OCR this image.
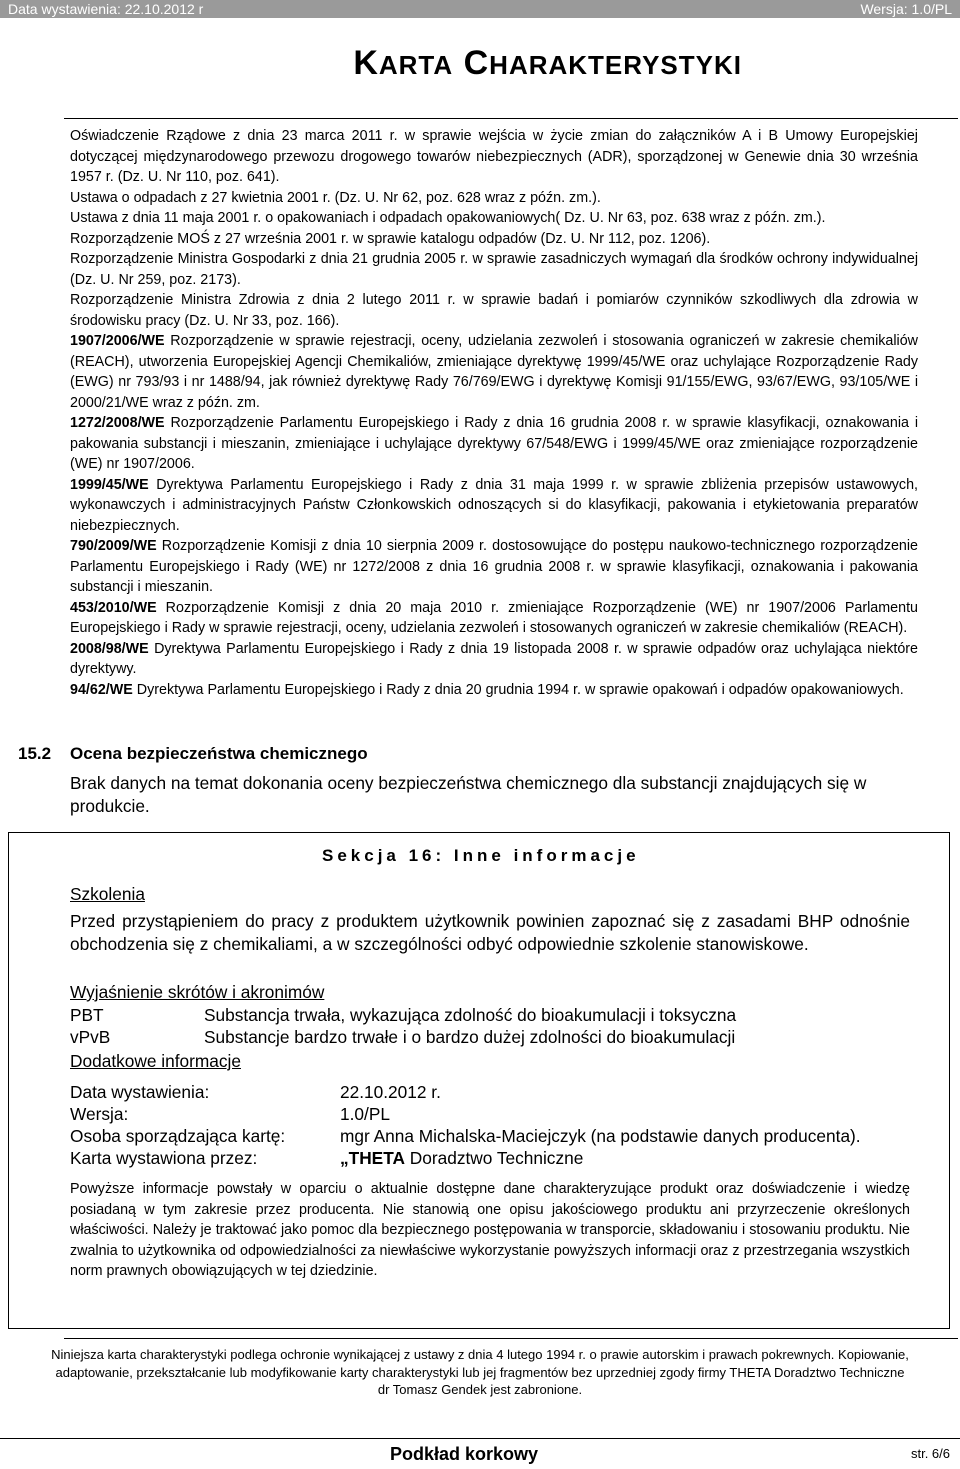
Data wystawienia: 22.10.2012 r	Wersja: 1.0/PL
KARTA CHARAKTERYSTYKI

Oświadczenie Rządowe z dnia 23 marca 2011 r. w sprawie wejścia w życie zmian do załączników A i B Umowy Europejskiej dotyczącej międzynarodowego przewozu drogowego towarów niebezpiecznych (ADR), sporządzonej w Genewie dnia 30 września 1957 r. (Dz. U. Nr 110, poz. 641).

Ustawa o odpadach z 27 kwietnia 2001 r. (Dz. U. Nr 62, poz. 628 wraz z późn. zm.).

Ustawa z dnia 11 maja 2001 r. o opakowaniach i odpadach opakowaniowych( Dz. U. Nr 63, poz. 638 wraz z późn. zm.).

Rozporządzenie MOŚ z 27 września 2001 r. w sprawie katalogu odpadów (Dz. U. Nr 112, poz. 1206).

Rozporządzenie Ministra Gospodarki z dnia 21 grudnia 2005 r. w sprawie zasadniczych wymagań dla środków ochrony indywidualnej (Dz. U. Nr 259, poz. 2173).

Rozporządzenie Ministra Zdrowia z dnia 2 lutego 2011 r. w sprawie badań i pomiarów czynników szkodliwych dla zdrowia w środowisku pracy (Dz. U. Nr 33, poz. 166).

1907/2006/WE Rozporządzenie w sprawie rejestracji, oceny, udzielania zezwoleń i stosowania ograniczeń w zakresie chemikaliów (REACH), utworzenia Europejskiej Agencji Chemikaliów, zmieniające dyrektywę 1999/45/WE oraz uchylające Rozporządzenie Rady (EWG) nr 793/93 i nr 1488/94, jak również dyrektywę Rady 76/769/EWG i dyrektywę Komisji 91/155/EWG, 93/67/EWG, 93/105/WE i 2000/21/WE wraz z późn. zm.

1272/2008/WE Rozporządzenie Parlamentu Europejskiego i Rady z dnia 16 grudnia 2008 r. w sprawie klasyfikacji, oznakowania i pakowania substancji i mieszanin, zmieniające i uchylające dyrektywy 67/548/EWG i 1999/45/WE oraz zmieniające rozporządzenie (WE) nr 1907/2006.

1999/45/WE Dyrektywa Parlamentu Europejskiego i Rady z dnia 31 maja 1999 r. w sprawie zbliżenia przepisów ustawowych, wykonawczych i administracyjnych Państw Członkowskich odnoszących si do klasyfikacji, pakowania i etykietowania preparatów niebezpiecznych.

790/2009/WE Rozporządzenie Komisji z dnia 10 sierpnia 2009 r. dostosowujące do postępu naukowo-technicznego rozporządzenie Parlamentu Europejskiego i Rady (WE) nr 1272/2008 z dnia 16 grudnia 2008 r. w sprawie klasyfikacji, oznakowania i pakowania substancji i mieszanin.

453/2010/WE Rozporządzenie Komisji z dnia 20 maja 2010 r. zmieniające Rozporządzenie (WE) nr 1907/2006 Parlamentu Europejskiego i Rady w sprawie rejestracji, oceny, udzielania zezwoleń i stosowanych ograniczeń w zakresie chemikaliów (REACH).

2008/98/WE Dyrektywa Parlamentu Europejskiego i Rady z dnia 19 listopada 2008 r. w sprawie odpadów oraz uchylająca niektóre dyrektywy.

94/62/WE Dyrektywa Parlamentu Europejskiego i Rady z dnia 20 grudnia 1994 r. w sprawie opakowań i odpadów opakowaniowych.

15.2 Ocena bezpieczeństwa chemicznego
Brak danych na temat dokonania oceny bezpieczeństwa chemicznego dla substancji znajdujących się w produkcie.
Sekcja 16: Inne informacje
Szkolenia
Przed przystąpieniem do pracy z produktem użytkownik powinien zapoznać się z zasadami BHP odnośnie obchodzenia się z chemikaliami, a w szczególności odbyć odpowiednie szkolenie stanowiskowe.
Wyjaśnienie skrótów i akronimów
PBT	Substancja trwała, wykazująca zdolność do bioakumulacji i toksyczna
vPvB	Substancje bardzo trwałe i o bardzo dużej zdolności do bioakumulacji
Dodatkowe informacje
Data wystawienia:	22.10.2012 r.
Wersja:	1.0/PL
Osoba sporządzająca kartę:	mgr Anna Michalska-Maciejczyk (na podstawie danych producenta).
Karta wystawiona przez:	„THETA Doradztwo Techniczne
Powyższe informacje powstały w oparciu o aktualnie dostępne dane charakteryzujące produkt oraz doświadczenie i wiedzę posiadaną w tym zakresie przez producenta. Nie stanowią one opisu jakościowego produktu ani przyrzeczenie określonych właściwości. Należy je traktować jako pomoc dla bezpiecznego postępowania w transporcie, składowaniu i stosowaniu produktu. Nie zwalnia to użytkownika od odpowiedzialności za niewłaściwe wykorzystanie powyższych informacji oraz z przestrzegania wszystkich norm prawnych obowiązujących w tej dziedzinie.
Niniejsza karta charakterystyki podlega ochronie wynikającej z ustawy z dnia 4 lutego 1994 r. o prawie autorskim i prawach pokrewnych. Kopiowanie, adaptowanie, przekształcanie lub modyfikowanie karty charakterystyki lub jej fragmentów bez uprzedniej zgody firmy THETA Doradztwo Techniczne dr Tomasz Gendek jest zabronione.
Podkład korkowy	str. 6/6
